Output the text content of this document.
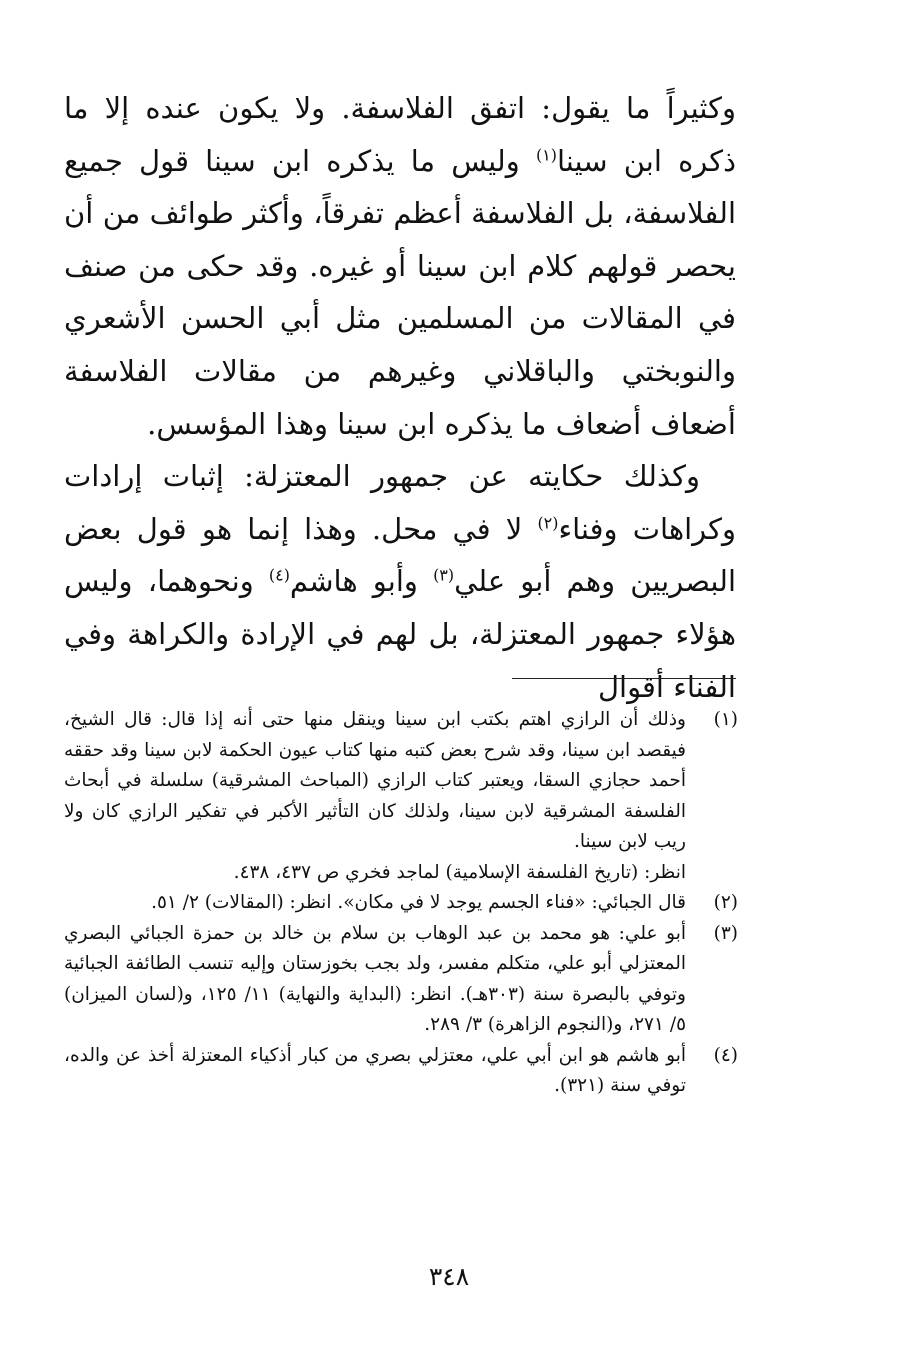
وكثيراً ما يقول: اتفق الفلاسفة. ولا يكون عنده إلا ما ذكره ابن سينا$^{(١)}$ وليس ما يذكره ابن سينا قول جميع الفلاسفة، بل الفلاسفة أعظم تفرقاً، وأكثر طوائف من أن يحصر قولهم كلام ابن سينا أو غيره. وقد حكى من صنف في المقالات من المسلمين مثل أبي الحسن الأشعري والنوبختي والباقلاني وغيرهم من مقالات الفلاسفة أضعاف أضعاف ما يذكره ابن سينا وهذا المؤسس.

وكذلك حكايته عن جمهور المعتزلة: إثبات إرادات وكراهات وفناء$^{(٢)}$ لا في محل. وهذا إنما هو قول بعض البصريين وهم أبو علي$^{(٣)}$ وأبو هاشم$^{(٤)}$ ونحوهما، وليس هؤلاء جمهور المعتزلة، بل لهم في الإرادة والكراهة وفي الفناء أقوال

(١)
وذلك أن الرازي اهتم بكتب ابن سينا وينقل منها حتى أنه إذا قال: قال الشيخ، فيقصد ابن سينا، وقد شرح بعض كتبه منها كتاب عيون الحكمة لابن سينا وقد حققه أحمد حجازي السقا، ويعتبر كتاب الرازي (المباحث المشرقية) سلسلة في أبحاث الفلسفة المشرقية لابن سينا، ولذلك كان التأثير الأكبر في تفكير الرازي كان ولا ريب لابن سينا.
انظر: (تاريخ الفلسفة الإسلامية) لماجد فخري ص ٤٣٧، ٤٣٨.
(٢)
قال الجبائي: «فناء الجسم يوجد لا في مكان». انظر: (المقالات) ٢/ ٥١.
(٣)
أبو علي: هو محمد بن عبد الوهاب بن سلام بن خالد بن حمزة الجبائي البصري المعتزلي أبو علي، متكلم مفسر، ولد بجب بخوزستان وإليه تنسب الطائفة الجبائية وتوفي بالبصرة سنة (٣٠٣هـ). انظر: (البداية والنهاية) ١١/ ١٢٥، و(لسان الميزان) ٥/ ٢٧١، و(النجوم الزاهرة) ٣/ ٢٨٩.
(٤)
أبو هاشم هو ابن أبي علي، معتزلي بصري من كبار أذكياء المعتزلة أخذ عن والده، توفي سنة (٣٢١).
٣٤٨
